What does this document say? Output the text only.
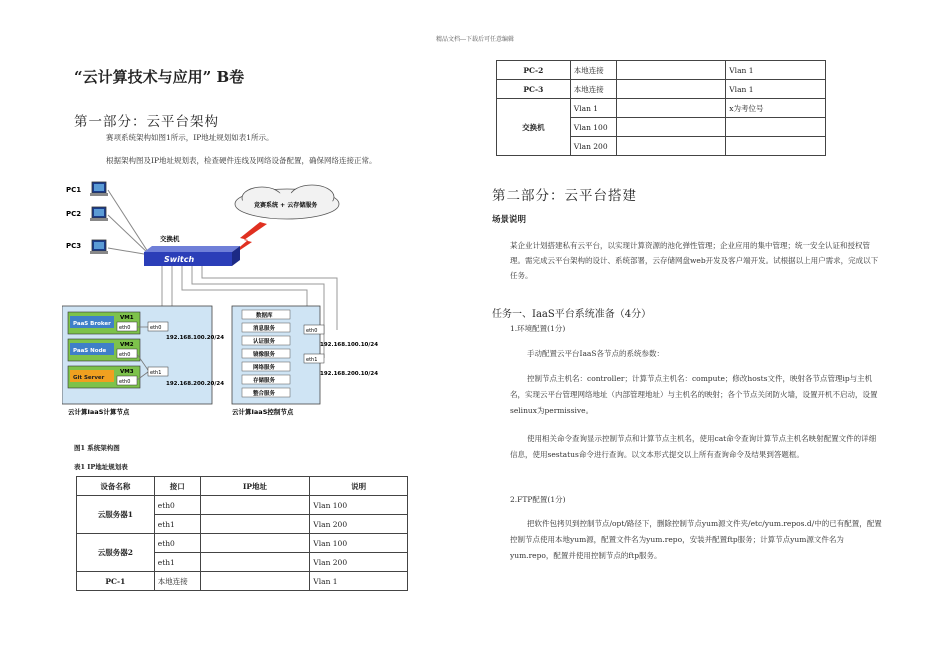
精品文档---下载后可任意编辑
“云计算技术与应用” B卷
第一部分：云平台架构
赛项系统架构如图1所示，IP地址规划如表1所示。
根据架构图及IP地址规划表，检查硬件连线及网络设备配置，确保网络连接正常。
PC1
PC2
PC3
竞赛系统 + 云存储服务
交换机
Switch
PaaS Broker
VM1
eth0
PaaS Node
VM2
eth0
Git Server
VM3
eth0
eth0
eth1
192.168.100.20/24
192.168.200.20/24
云计算IaaS计算节点
数据库
消息服务
认证服务
镜像服务
网络服务
存储服务
整合服务
eth0
eth1
192.168.100.10/24
192.168.200.10/24
云计算IaaS控制节点
图1 系统架构图
表1 IP地址规划表
设备名称	接口	IP地址	说明
云服务器1	eth0		Vlan 100
	eth1		Vlan 200
云服务器2	eth0		Vlan 100
	eth1		Vlan 200
PC-1	本地连接		Vlan 1
PC-2	本地连接		Vlan 1
PC-3	本地连接		Vlan 1
交换机	Vlan 1		x为考位号
	Vlan 100		
	Vlan 200		
第二部分：云平台搭建
场景说明
某企业计划搭建私有云平台，以实现计算资源的池化弹性管理；企业应用的集中管理；统一安全认证和授权管理。需完成云平台架构的设计、系统部署，云存储网盘web开发及客户端开发。试根据以上用户需求，完成以下任务。
任务一、IaaS平台系统准备（4分）
1.环境配置(1分)
手动配置云平台IaaS各节点的系统参数：
控制节点主机名：controller；计算节点主机名：compute；修改hosts文件，映射各节点管理ip与主机名，实现云平台管理网络地址（内部管理地址）与主机名的映射；各个节点关闭防火墙，设置开机不启动，设置selinux为permissive。
使用相关命令查询显示控制节点和计算节点主机名，使用cat命令查询计算节点主机名映射配置文件的详细信息，使用sestatus命令进行查询。以文本形式提交以上所有查询命令及结果到答题框。
2.FTP配置(1分)
把软件包拷贝到控制节点/opt/路径下，删除控制节点yum源文件夹/etc/yum.repos.d/中的已有配置，配置控制节点使用本地yum源，配置文件名为yum.repo，安装并配置ftp服务；计算节点yum源文件名为yum.repo，配置并使用控制节点的ftp服务。
